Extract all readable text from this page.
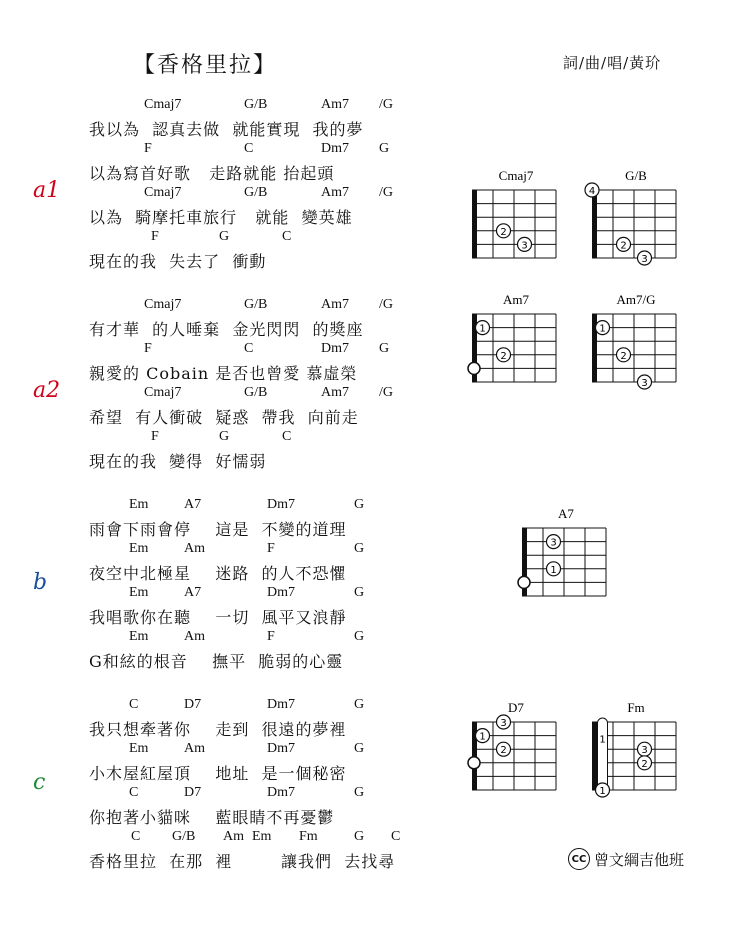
【香格里拉】	詞/曲/唱/黃玠
a1
Cmaj7	G/B	Am7 /G
我以為  認真去做  就能實現  我的夢
F	C	Dm7 G
以為寫首好歌   走路就能 抬起頭
Cmaj7	G/B	Am7 /G
以為  騎摩托車旅行   就能  變英雄
F	G	C
現在的我  失去了  衝動
a2
Cmaj7	G/B	Am7 /G
有才華  的人唾棄  金光閃閃  的獎座
F	C	Dm7 G
親愛的 Cobain 是否也曾愛 慕虛榮
Cmaj7	G/B	Am7 /G
希望  有人衝破  疑惑  帶我  向前走
F	G	C
現在的我  變得  好懦弱
b
Em	A7	Dm7	G
雨會下雨會停    這是  不變的道理
Em	Am	F	G
夜空中北極星    迷路  的人不恐懼
Em	A7	Dm7	G
我唱歌你在聽    一切  風平又浪靜
Em	Am	F	G
G和絃的根音    撫平  脆弱的心靈
c
C	D7	Dm7	G
我只想牽著你    走到  很遠的夢裡
Em	Am	Dm7	G
小木屋紅屋頂    地址  是一個秘密
C	D7	Dm7	G
你抱著小貓咪    藍眼睛不再憂鬱
C G/B Am Em Fm	G C
香格里拉  在那  裡        讓我們  去找尋
Cmaj7
2
3
G/B
4
2
3
Am7
1
2
Am7/G
1
2
3
A7
3
1
D7
3
1
2
Fm
1
3
2
1
CC 曾文綱吉他班
